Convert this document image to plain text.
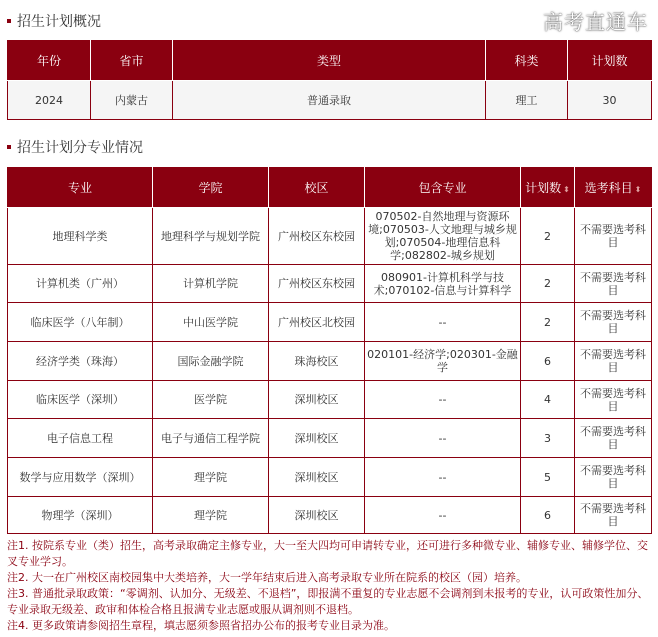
招生计划概况
年份	省市	类型	科类	计划数
2024	内蒙古	普通录取	理工	30
招生计划分专业情况
专业	学院	校区	包含专业	计划数 ⬍	选考科目 ⬍
地理科学类	地理科学与规划学院	广州校区东校园	070502-自然地理与资源环境;070503-人文地理与城乡规划;070504-地理信息科学;082802-城乡规划	2	不需要选考科目
计算机类（广州）	计算机学院	广州校区东校园	080901-计算机科学与技术;070102-信息与计算科学	2	不需要选考科目
临床医学（八年制）	中山医学院	广州校区北校园	--	2	不需要选考科目
经济学类（珠海）	国际金融学院	珠海校区	020101-经济学;020301-金融学	6	不需要选考科目
临床医学（深圳）	医学院	深圳校区	--	4	不需要选考科目
电子信息工程	电子与通信工程学院	深圳校区	--	3	不需要选考科目
数学与应用数学（深圳）	理学院	深圳校区	--	5	不需要选考科目
物理学（深圳）	理学院	深圳校区	--	6	不需要选考科目
注1. 按院系专业（类）招生，高考录取确定主修专业，大一至大四均可申请转专业，还可进行多种微专业、辅修专业、辅修学位、交叉专业学习。
注2. 大一在广州校区南校园集中大类培养，大一学年结束后进入高考录取专业所在院系的校区（园）培养。
注3. 普通批录取政策：“零调剂、认加分、无级差、不退档”，即报满不重复的专业志愿不会调剂到未报考的专业，认可政策性加分、专业录取无级差、政审和体检合格且报满专业志愿或服从调剂则不退档。
注4. 更多政策请参阅招生章程，填志愿须参照省招办公布的报考专业目录为准。
高考直通车
